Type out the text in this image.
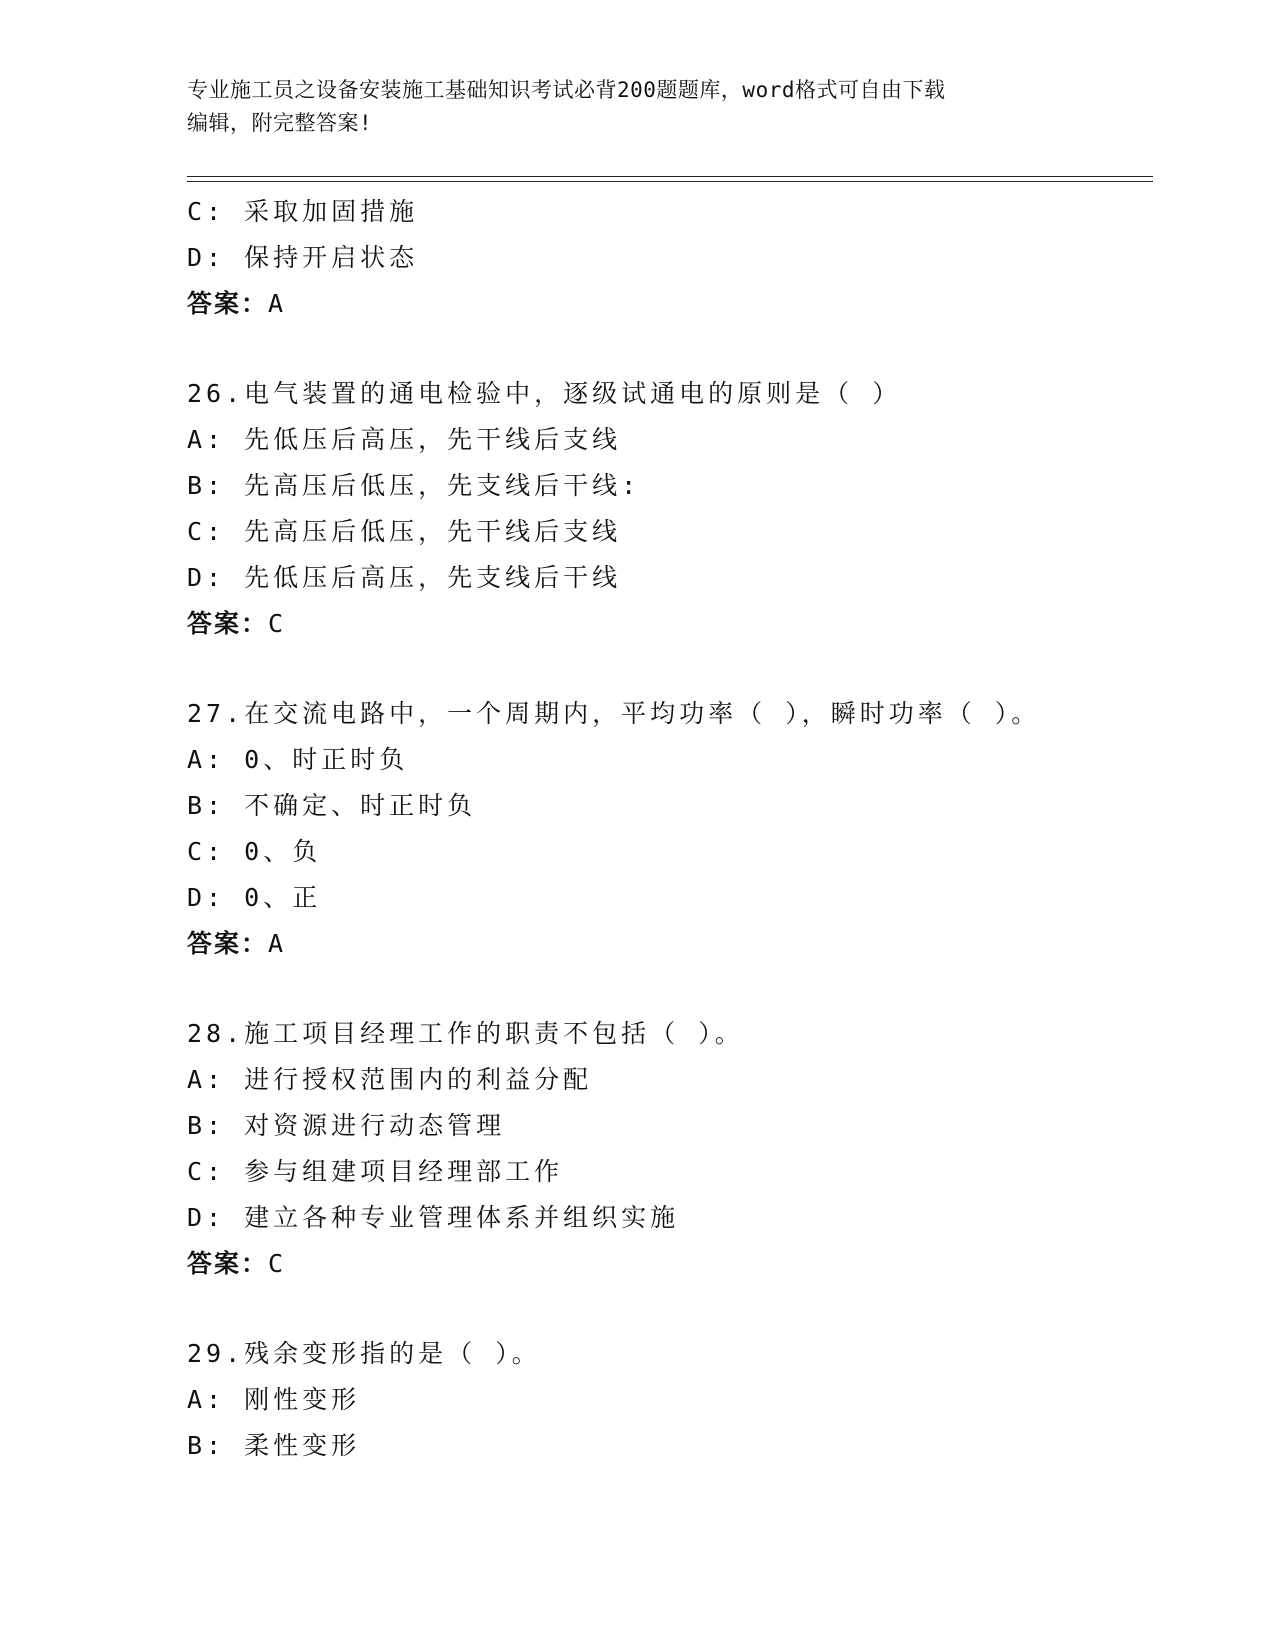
专业施工员之设备安装施工基础知识考试必背200题题库，word格式可自由下载
编辑，附完整答案!
C: 采取加固措施
D: 保持开启状态
答案：A
26.电气装置的通电检验中，逐级试通电的原则是（ ）
A: 先低压后高压，先干线后支线
B: 先高压后低压，先支线后干线:
C: 先高压后低压，先干线后支线
D: 先低压后高压，先支线后干线
答案：C
27.在交流电路中，一个周期内，平均功率（ ），瞬时功率（ ）。
A: 0、时正时负
B: 不确定、时正时负
C: 0、负
D: 0、正
答案：A
28.施工项目经理工作的职责不包括（ ）。
A: 进行授权范围内的利益分配
B: 对资源进行动态管理
C: 参与组建项目经理部工作
D: 建立各种专业管理体系并组织实施
答案：C
29.残余变形指的是（ ）。
A: 刚性变形
B: 柔性变形
